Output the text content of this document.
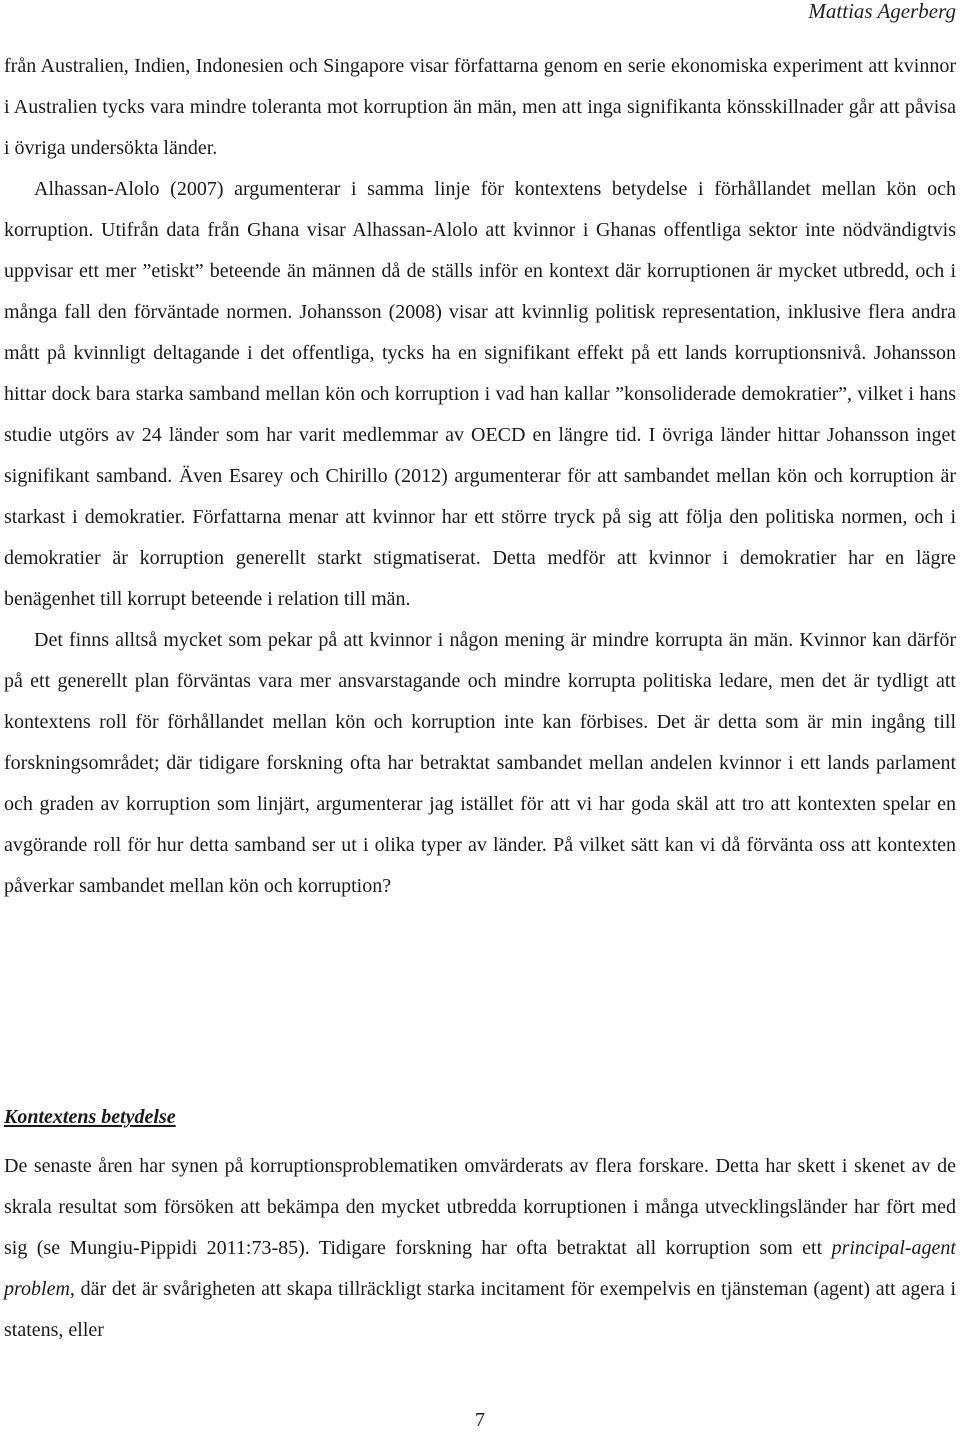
Mattias Agerberg

från Australien, Indien, Indonesien och Singapore visar författarna genom en serie ekonomiska experiment att kvinnor i Australien tycks vara mindre toleranta mot korruption än män, men att inga signifikanta könsskillnader går att påvisa i övriga undersökta länder.

Alhassan-Alolo (2007) argumenterar i samma linje för kontextens betydelse i förhållandet mellan kön och korruption. Utifrån data från Ghana visar Alhassan-Alolo att kvinnor i Ghanas offentliga sektor inte nödvändigtvis uppvisar ett mer ”etiskt” beteende än männen då de ställs inför en kontext där korruptionen är mycket utbredd, och i många fall den förväntade normen. Johansson (2008) visar att kvinnlig politisk representation, inklusive flera andra mått på kvinnligt deltagande i det offentliga, tycks ha en signifikant effekt på ett lands korruptionsnivå. Johansson hittar dock bara starka samband mellan kön och korruption i vad han kallar ”konsoliderade demokratier”, vilket i hans studie utgörs av 24 länder som har varit medlemmar av OECD en längre tid. I övriga länder hittar Johansson inget signifikant samband. Även Esarey och Chirillo (2012) argumenterar för att sambandet mellan kön och korruption är starkast i demokratier. Författarna menar att kvinnor har ett större tryck på sig att följa den politiska normen, och i demokratier är korruption generellt starkt stigmatiserat. Detta medför att kvinnor i demokratier har en lägre benägenhet till korrupt beteende i relation till män.

Det finns alltså mycket som pekar på att kvinnor i någon mening är mindre korrupta än män. Kvinnor kan därför på ett generellt plan förväntas vara mer ansvarstagande och mindre korrupta politiska ledare, men det är tydligt att kontextens roll för förhållandet mellan kön och korruption inte kan förbises. Det är detta som är min ingång till forskningsområdet; där tidigare forskning ofta har betraktat sambandet mellan andelen kvinnor i ett lands parlament och graden av korruption som linjärt, argumenterar jag istället för att vi har goda skäl att tro att kontexten spelar en avgörande roll för hur detta samband ser ut i olika typer av länder. På vilket sätt kan vi då förvänta oss att kontexten påverkar sambandet mellan kön och korruption?

Kontextens betydelse

De senaste åren har synen på korruptionsproblematiken omvärderats av flera forskare. Detta har skett i skenet av de skrala resultat som försöken att bekämpa den mycket utbredda korruptionen i många utvecklingsländer har fört med sig (se Mungiu-Pippidi 2011:73-85). Tidigare forskning har ofta betraktat all korruption som ett principal-agent problem, där det är svårigheten att skapa tillräckligt starka incitament för exempelvis en tjänsteman (agent) att agera i statens, eller

7
